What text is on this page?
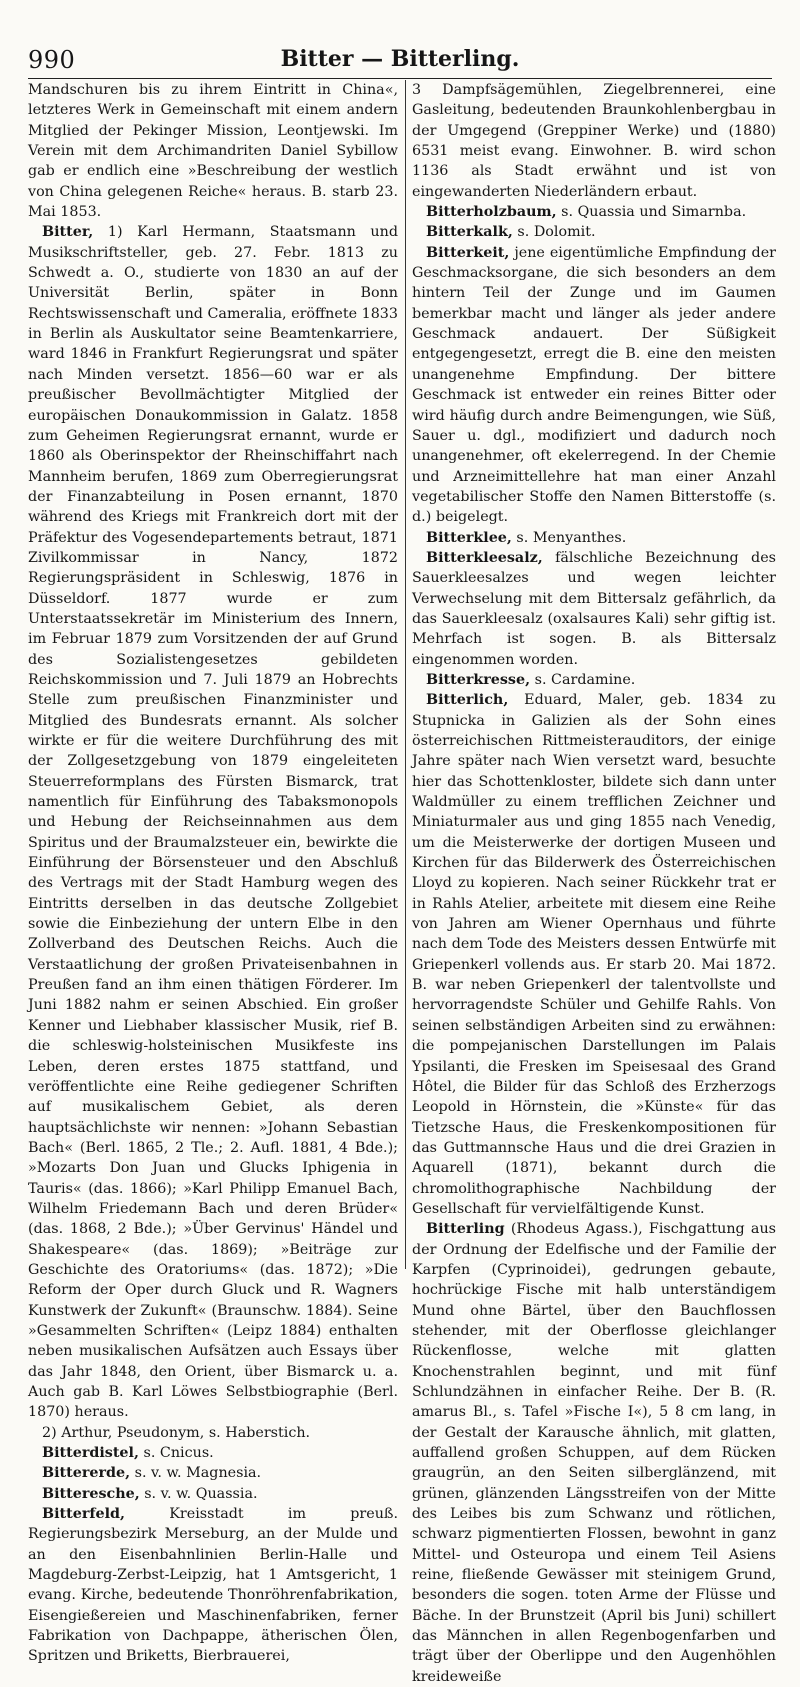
990	Bitter — Bitterling.

Mandschuren bis zu ihrem Eintritt in China«, letzteres Werk in Gemeinschaft mit einem andern Mitglied der Pekinger Mission, Leontjewski. Im Verein mit dem Archimandriten Daniel Sybillow gab er endlich eine »Beschreibung der westlich von China gelegenen Reiche« heraus. B. starb 23. Mai 1853.

Bitter, 1) Karl Hermann, Staatsmann und Musikschriftsteller, geb. 27. Febr. 1813 zu Schwedt a. O., studierte von 1830 an auf der Universität Berlin, später in Bonn Rechtswissenschaft und Cameralia, eröffnete 1833 in Berlin als Auskultator seine Beamtenkarriere, ward 1846 in Frankfurt Regierungsrat und später nach Minden versetzt. 1856—60 war er als preußischer Bevollmächtigter Mitglied der europäischen Donaukommission in Galatz. 1858 zum Geheimen Regierungsrat ernannt, wurde er 1860 als Oberinspektor der Rheinschiffahrt nach Mannheim berufen, 1869 zum Oberregierungsrat der Finanzabteilung in Posen ernannt, 1870 während des Kriegs mit Frankreich dort mit der Präfektur des Vogesendepartements betraut, 1871 Zivilkommissar in Nancy, 1872 Regierungspräsident in Schleswig, 1876 in Düsseldorf. 1877 wurde er zum Unterstaatssekretär im Ministerium des Innern, im Februar 1879 zum Vorsitzenden der auf Grund des Sozialistengesetzes gebildeten Reichskommission und 7. Juli 1879 an Hobrechts Stelle zum preußischen Finanzminister und Mitglied des Bundesrats ernannt. Als solcher wirkte er für die weitere Durchführung des mit der Zollgesetzgebung von 1879 eingeleiteten Steuerreformplans des Fürsten Bismarck, trat namentlich für Einführung des Tabaksmonopols und Hebung der Reichseinnahmen aus dem Spiritus und der Braumalzsteuer ein, bewirkte die Einführung der Börsensteuer und den Abschluß des Vertrags mit der Stadt Hamburg wegen des Eintritts derselben in das deutsche Zollgebiet sowie die Einbeziehung der untern Elbe in den Zollverband des Deutschen Reichs. Auch die Verstaatlichung der großen Privateisenbahnen in Preußen fand an ihm einen thätigen Förderer. Im Juni 1882 nahm er seinen Abschied. Ein großer Kenner und Liebhaber klassischer Musik, rief B. die schleswig-holsteinischen Musikfeste ins Leben, deren erstes 1875 stattfand, und veröffentlichte eine Reihe gediegener Schriften auf musikalischem Gebiet, als deren hauptsächlichste wir nennen: »Johann Sebastian Bach« (Berl. 1865, 2 Tle.; 2. Aufl. 1881, 4 Bde.); »Mozarts Don Juan und Glucks Iphigenia in Tauris« (das. 1866); »Karl Philipp Emanuel Bach, Wilhelm Friedemann Bach und deren Brüder« (das. 1868, 2 Bde.); »Über Gervinus' Händel und Shakespeare« (das. 1869); »Beiträge zur Geschichte des Oratoriums« (das. 1872); »Die Reform der Oper durch Gluck und R. Wagners Kunstwerk der Zukunft« (Braunschw. 1884). Seine »Gesammelten Schriften« (Leipz 1884) enthalten neben musikalischen Aufsätzen auch Essays über das Jahr 1848, den Orient, über Bismarck u. a. Auch gab B. Karl Löwes Selbstbiographie (Berl. 1870) heraus.

2) Arthur, Pseudonym, s. Haberstich.

Bitterdistel, s. Cnicus.

Bittererde, s. v. w. Magnesia.

Bitteresche, s. v. w. Quassia.

Bitterfeld, Kreisstadt im preuß. Regierungsbezirk Merseburg, an der Mulde und an den Eisenbahnlinien Berlin-Halle und Magdeburg-Zerbst-Leipzig, hat 1 Amtsgericht, 1 evang. Kirche, bedeutende Thonröhrenfabrikation, Eisengießereien und Maschinenfabriken, ferner Fabrikation von Dachpappe, ätherischen Ölen, Spritzen und Briketts, Bierbrauerei,

3 Dampfsägemühlen, Ziegelbrennerei, eine Gasleitung, bedeutenden Braunkohlenbergbau in der Umgegend (Greppiner Werke) und (1880) 6531 meist evang. Einwohner. B. wird schon 1136 als Stadt erwähnt und ist von eingewanderten Niederländern erbaut.

Bitterholzbaum, s. Quassia und Simarnba.

Bitterkalk, s. Dolomit.

Bitterkeit, jene eigentümliche Empfindung der Geschmacksorgane, die sich besonders an dem hintern Teil der Zunge und im Gaumen bemerkbar macht und länger als jeder andere Geschmack andauert. Der Süßigkeit entgegengesetzt, erregt die B. eine den meisten unangenehme Empfindung. Der bittere Geschmack ist entweder ein reines Bitter oder wird häufig durch andre Beimengungen, wie Süß, Sauer u. dgl., modifiziert und dadurch noch unangenehmer, oft ekelerregend. In der Chemie und Arzneimittellehre hat man einer Anzahl vegetabilischer Stoffe den Namen Bitterstoffe (s. d.) beigelegt.

Bitterklee, s. Menyanthes.

Bitterkleesalz, fälschliche Bezeichnung des Sauerkleesalzes und wegen leichter Verwechselung mit dem Bittersalz gefährlich, da das Sauerkleesalz (oxalsaures Kali) sehr giftig ist. Mehrfach ist sogen. B. als Bittersalz eingenommen worden.

Bitterkresse, s. Cardamine.

Bitterlich, Eduard, Maler, geb. 1834 zu Stupnicka in Galizien als der Sohn eines österreichischen Rittmeisterauditors, der einige Jahre später nach Wien versetzt ward, besuchte hier das Schottenkloster, bildete sich dann unter Waldmüller zu einem trefflichen Zeichner und Miniaturmaler aus und ging 1855 nach Venedig, um die Meisterwerke der dortigen Museen und Kirchen für das Bilderwerk des Österreichischen Lloyd zu kopieren. Nach seiner Rückkehr trat er in Rahls Atelier, arbeitete mit diesem eine Reihe von Jahren am Wiener Opernhaus und führte nach dem Tode des Meisters dessen Entwürfe mit Griepenkerl vollends aus. Er starb 20. Mai 1872. B. war neben Griepenkerl der talentvollste und hervorragendste Schüler und Gehilfe Rahls. Von seinen selbständigen Arbeiten sind zu erwähnen: die pompejanischen Darstellungen im Palais Ypsilanti, die Fresken im Speisesaal des Grand Hôtel, die Bilder für das Schloß des Erzherzogs Leopold in Hörnstein, die »Künste« für das Tietzsche Haus, die Freskenkompositionen für das Guttmannsche Haus und die drei Grazien in Aquarell (1871), bekannt durch die chromolithographische Nachbildung der Gesellschaft für vervielfältigende Kunst.

Bitterling (Rhodeus Agass.), Fischgattung aus der Ordnung der Edelfische und der Familie der Karpfen (Cyprinoidei), gedrungen gebaute, hochrückige Fische mit halb unterständigem Mund ohne Bärtel, über den Bauchflossen stehender, mit der Oberflosse gleichlanger Rückenflosse, welche mit glatten Knochenstrahlen beginnt, und mit fünf Schlundzähnen in einfacher Reihe. Der B. (R. amarus Bl., s. Tafel »Fische I«), 5 8 cm lang, in der Gestalt der Karausche ähnlich, mit glatten, auffallend großen Schuppen, auf dem Rücken graugrün, an den Seiten silberglänzend, mit grünen, glänzenden Längsstreifen von der Mitte des Leibes bis zum Schwanz und rötlichen, schwarz pigmentierten Flossen, bewohnt in ganz Mittel- und Osteuropa und einem Teil Asiens reine, fließende Gewässer mit steinigem Grund, besonders die sogen. toten Arme der Flüsse und Bäche. In der Brunstzeit (April bis Juni) schillert das Männchen in allen Regenbogenfarben und trägt über der Oberlippe und den Augenhöhlen kreideweiße
